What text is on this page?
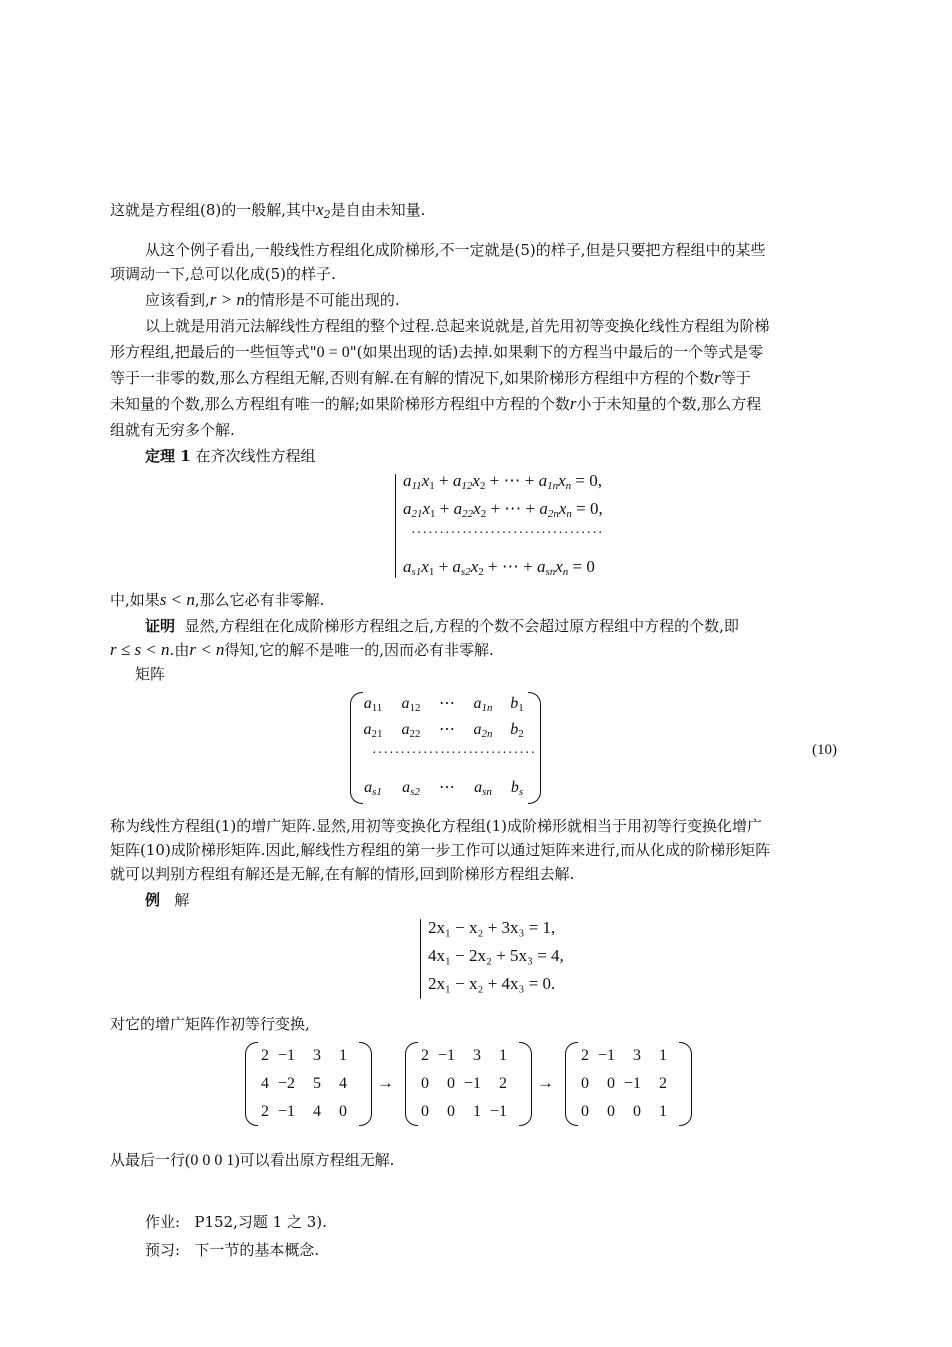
这就是方程组(8)的一般解,其中$x_2$是自由未知量.
从这个例子看出,一般线性方程组化成阶梯形,不一定就是(5)的样子,但是只要把方程组中的某些
项调动一下,总可以化成(5)的样子.
应该看到,r > n的情形是不可能出现的.
以上就是用消元法解线性方程组的整个过程.总起来说就是,首先用初等变换化线性方程组为阶梯
形方程组,把最后的一些恒等式"0 = 0"(如果出现的话)去掉.如果剩下的方程当中最后的一个等式是零
等于一非零的数,那么方程组无解,否则有解.在有解的情况下,如果阶梯形方程组中方程的个数r等于
未知量的个数,那么方程组有唯一的解;如果阶梯形方程组中方程的个数r小于未知量的个数,那么方程
组就有无穷多个解.
定理 1 在齐次线性方程组
$a_{11}x_1 + a_{12}x_2$ + ⋯ + $a_{1n}x_n = 0$,
$a_{21}x_1 + a_{22}x_2$ + ⋯ + $a_{2n}x_n = 0$,
··································
$a_{s1}x_1 + a_{s2}x_2$ + ⋯ + $a_{sn}x_n = 0$
中,如果s < n,那么它必有非零解.
证明 显然,方程组在化成阶梯形方程组之后,方程的个数不会超过原方程组中方程的个数,即
r ≤ s < n.由r < n得知,它的解不是唯一的,因而必有非零解.
矩阵
$a_{11}$	$a_{12}$	⋯	$a_{1n}$	$b_1$
$a_{21}$	$a_{22}$	⋯	$a_{2n}$	$b_2$
·····························
$a_{s1}$	$a_{s2}$	⋯	$a_{sn}$	$b_s$
(10)
称为线性方程组(1)的增广矩阵.显然,用初等变换化方程组(1)成阶梯形就相当于用初等行变换化增广
矩阵(10)成阶梯形矩阵.因此,解线性方程组的第一步工作可以通过矩阵来进行,而从化成的阶梯形矩阵
就可以判别方程组有解还是无解,在有解的情形,回到阶梯形方程组去解.
例 解
2x₁ − x₂ + 3x₃ = 1,
4x₁ − 2x₂ + 5x₃ = 4,
2x₁ − x₂ + 4x₃ = 0.
对它的增广矩阵作初等行变换,
2 −1	3	1
4 −2	5	4
2 −1	4	0
→
2 −1	3	1
0	0 −1	2
0	0	1 −1
→
2 −1	3	1
0	0 −1	2
0	0	0	1
从最后一行(0 0 0 1)可以看出原方程组无解.
作业: P152,习题 1 之 3).
预习: 下一节的基本概念.
